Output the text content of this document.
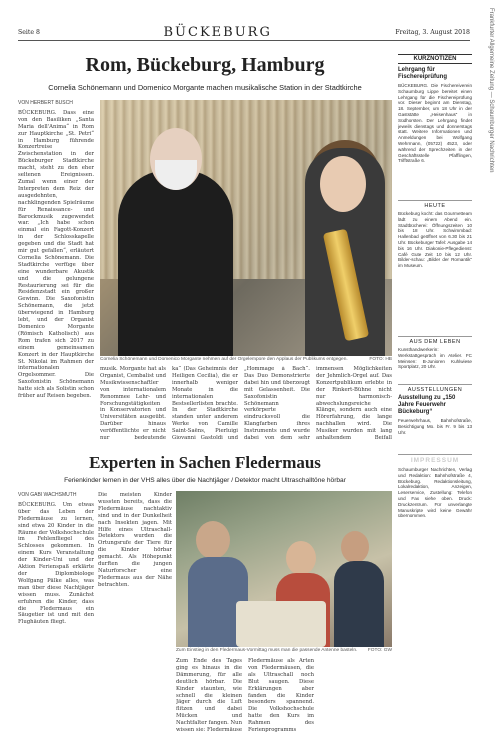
Seite 8	BÜCKEBURG	Freitag, 3. August 2018	Frankfurter Allgemeine Zeitung — Schaumburger Nachrichten
Rom, Bückeburg, Hamburg
Cornelia Schönemann und Domenico Morgante machen musikalische Station in der Stadtkirche
VON HERBERT BUSCH
BÜCKEBURG. Dass eine von den Basiliken „Santa Maria dell'Anima“ in Rom zur Hauptkirche „St. Petri“ in Hamburg führende Konzertreise Zwischenstation in der Bückeburger Stadtkirche macht, steht zu den eher seltenen Ereignissen. Zumal wenn einer der Interpreten dem Reiz der ausgedehnten, nachklingenden Spielräume für Renaissance- und Barockmusik zugewendet war. „Ich habe schon einmal ein Fagott-Konzert in der Schlosskapelle gegeben und die Stadt hat mir gut gefallen“, erläutert Cornelia Schönemann. Die Stadtkirche verfüge über eine wunderbare Akustik und die gelungene Restaurierung sei für die Residenzstadt ein großer Gewinn. Die Saxofonistin Schönemann, die jetzt überwiegend in Hamburg lebt, und der Organist Domenico Morgante (Römisch Katholisch) aus Rom trafen sich 2017 zu einem gemeinsamen Konzert in der Hauptkirche St. Nikolai im Rahmen der internationalen Orgelsommer. Die Saxofonistin Schönemann hatte sich als Solistin schon früher auf Reisen begeben.
Cornelia Schönemann und Domenico Morgante nehmen auf der Orgelempore den Applaus der Publikums entgegen.	FOTO: HB
musik. Morgante hat als Organist, Cembalist und Musikwissenschaftler von internationalem Renommee Lehr- und Forschungstätigkeiten in Konservatorien und Universitäten ausgeübt. Darüber hinaus veröffentlichte er nicht nur bedeutende
ka“ (Das Geheimnis der Heiligen Cecilia), die er innerhalb weniger Monate in die internationalen Bestsellerlisten brachte. In der Stadtkirche standen unter anderem Werke von Camille Saint-Saëns, Pierluigi Giovanni Gastoldi und
„Hommage à Bach“. Das Duo Demonstrierte dabei hin und überzeugt mit Gelassenheit. Die Saxofonistin Schönemann verkörperte eindrucksvoll die Klangfarben ihres Instruments und wurde dabei von dem sehr
immensen Möglichkeiten der Jehmlich-Orgel auf. Das Konzertpublikum erlebte in der Rinkert-Bühne nicht nur harmonisch-abwechslungsreiche Klänge, sondern auch eine Hörerfahrung, die lange nachhallen wird. Die Musiker wurden mit lang anhaltendem Beifall
Experten in Sachen Fledermaus
Ferienkinder lernen in der VHS alles über die Nachtjäger / Detektor macht Ultraschalltöne hörbar
VON GABI WACHSMUTH
BÜCKEBURG. Um etwas über das Leben der Fledermäuse zu lernen, sind etwa 20 Kinder in die Räume der Volkshochschule im Fehlenfliegel des Schlosses gekommen. In einem Kurs Veranstaltung der Kinder-Uni und der Aktion Ferienspaß erklärte der Diplombiologe Wolfgang Pälke alles, was man über diese Nachtjäger wissen muss. Zunächst erfuhren die Kinder, dass die Fledermaus ein Säugetier ist und mit den Flughäuten fliegt.
Die meisten Kinder wussten bereits, dass die Fledermäuse nachtaktiv sind und in der Dunkelheit nach Insekten jagen. Mit Hilfe eines Ultraschall-Detektors wurden die Ortungsrufe der Tiere für die Kinder hörbar gemacht. Als Höhepunkt durften die jungen Naturforscher eine Fledermaus aus der Nähe betrachten.
Zum Einstieg in den Fledermaus-Vormittag muss man die passende Antenne basteln. FOTO: GW
Zum Ende des Tages ging es hinaus in die Dämmerung, für alle deutlich hörbar. Die Kinder staunten, wie schnell die kleinen Jäger durch die Luft flitzen und dabei Mücken und Nachtfalter fangen. Nun wissen sie: Fledermäuse
Fledermäuse als Arten von Fledermäusen, die als Ultraschall noch Blut saugen. Diese Erklärungen aber fanden die Kinder besonders spannend. Die Volkshochschule hatte den Kurs im Rahmen des Ferienprogramms
KURZNOTIZEN
Lehrgang für Fischereiprüfung
BÜCKEBURG. Die Fischereiverein Schaumburg Lippe bereitet einen Lehrgang für die Fischereiprüfung vor. Dieser beginnt am Dienstag, 18. September, um 18 Uhr in der Gaststätte „Heisenhaus“ in Südhorsten. Der Lehrgang findet jeweils dienstags und donnerstags statt. Weitere Informationen und Anmeldungen bei Wolfgang Wehrmann, (05722) 4523, oder während der Sprechzeiten in der Geschäftsstelle Pfafflingen, Trifftstraße 6.
HEUTE
Bückeburg kocht: das Gourmetteam lädt zu einem Abend ein. Stadtbücherei: Öffnungszeiten 10 bis 18 Uhr. Schwimmbad: Hallenbad geöffnet von 6.30 bis 21 Uhr. Bückeburger Tafel: Ausgabe 14 bis 16 Uhr. Diakonie-Pflegedienst: Café Gute Zeit 10 bis 12 Uhr. Bilder-schau: „Bilder der Romantik“ im Museum.
AUS DEM LEBEN
Kunsthandwerkerin: Werkstattgespräch im Atelier. FC Meinsen: B-Junioren Kuhlwiese Sportplatz, 20 Uhr.
AUSSTELLUNGEN
Ausstellung zu „150 Jahre Feuerwehr Bückeburg“
Feuerwehrhaus, Bahnhofstraße, Besichtigung Mo. bis Fr. 9 bis 13 Uhr.
IMPRESSUM
Schaumburger Nachrichten, Verlag und Redaktion: Bahnhofstraße 4, Bückeburg. Redaktionsleitung, Lokalredaktion, Anzeigen, Leserservice, Zustellung: Telefon und Fax siehe oben. Druck: Druckzentrum. Für unverlangte Manuskripte wird keine Gewähr übernommen.
